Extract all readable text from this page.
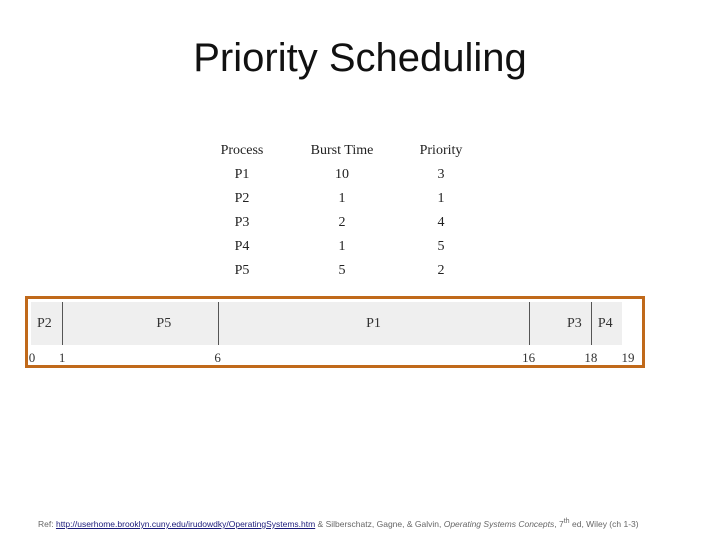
Priority Scheduling
Process	Burst Time	Priority
P1	10	3
P2	1	1
P3	2	4
P4	1	5
P5	5	2
P2	P5	P1	P3 P4
0 1	6	16	18 19
Ref: http://userhome.brooklyn.cuny.edu/irudowdky/OperatingSystems.htm & Silberschatz, Gagne, & Galvin, Operating Systems Concepts, 7th ed, Wiley (ch 1-3)
